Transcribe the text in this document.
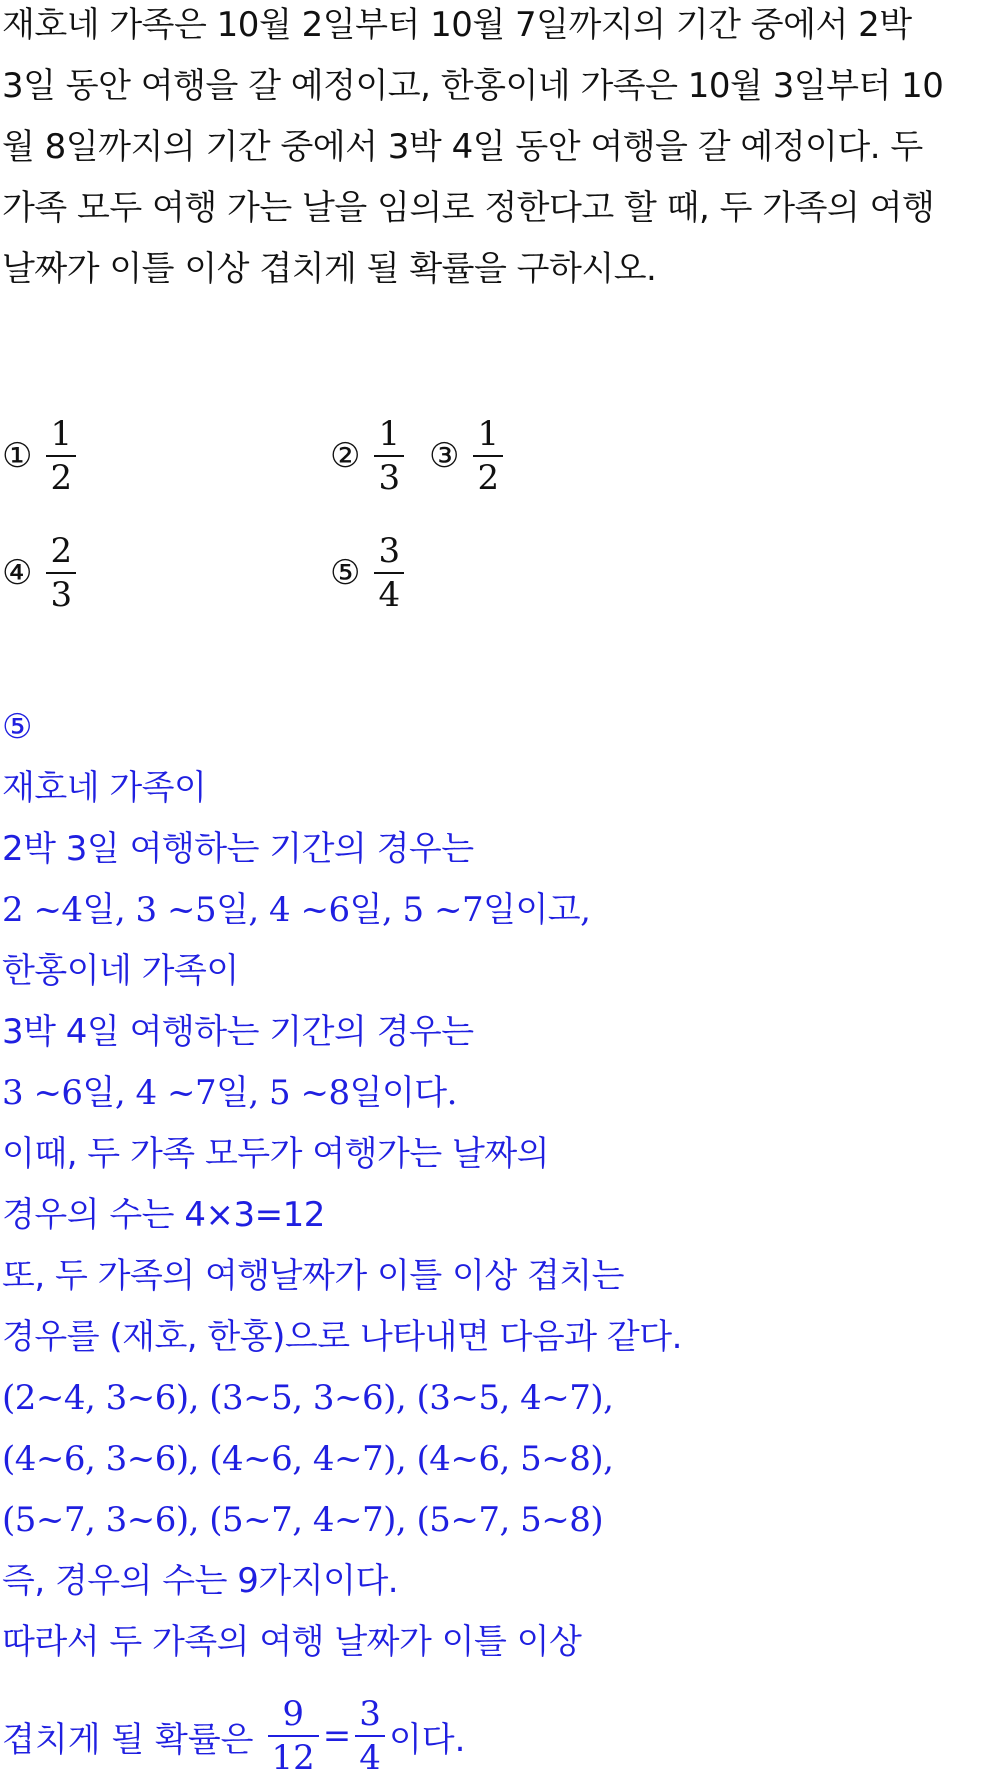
재호네 가족은 10월 2일부터 10월 7일까지의 기간 중에서 2박
3일 동안 여행을 갈 예정이고, 한홍이네 가족은 10월 3일부터 10
월 8일까지의 기간 중에서 3박 4일 동안 여행을 갈 예정이다. 두
가족 모두 여행 가는 날을 임의로 정한다고 할 때, 두 가족의 여행
날짜가 이틀 이상 겹치게 될 확률을 구하시오.
① $\frac{1}{2}$	② $\frac{1}{3}$ ③ $\frac{1}{2}$
④ $\frac{2}{3}$	⑤ $\frac{3}{4}$
⑤
재호네 가족이
2박 3일 여행하는 기간의 경우는
2 ~4일, 3 ~5일, 4 ~6일, 5 ~7일이고,
한홍이네 가족이
3박 4일 여행하는 기간의 경우는
3 ~6일, 4 ~7일, 5 ~8일이다.
이때, 두 가족 모두가 여행가는 날짜의
경우의 수는 4×3=12
또, 두 가족의 여행날짜가 이틀 이상 겹치는
경우를 (재호, 한홍)으로 나타내면 다음과 같다.
(2~4, 3~6), (3~5, 3~6), (3~5, 4~7),
(4~6, 3~6), (4~6, 4~7), (4~6, 5~8),
(5~7, 3~6), (5~7, 4~7), (5~7, 5~8)
즉, 경우의 수는 9가지이다.
따라서 두 가족의 여행 날짜가 이틀 이상
겹치게 될 확률은 $\frac{9}{12} = \frac{3}{4}$ 이다.
